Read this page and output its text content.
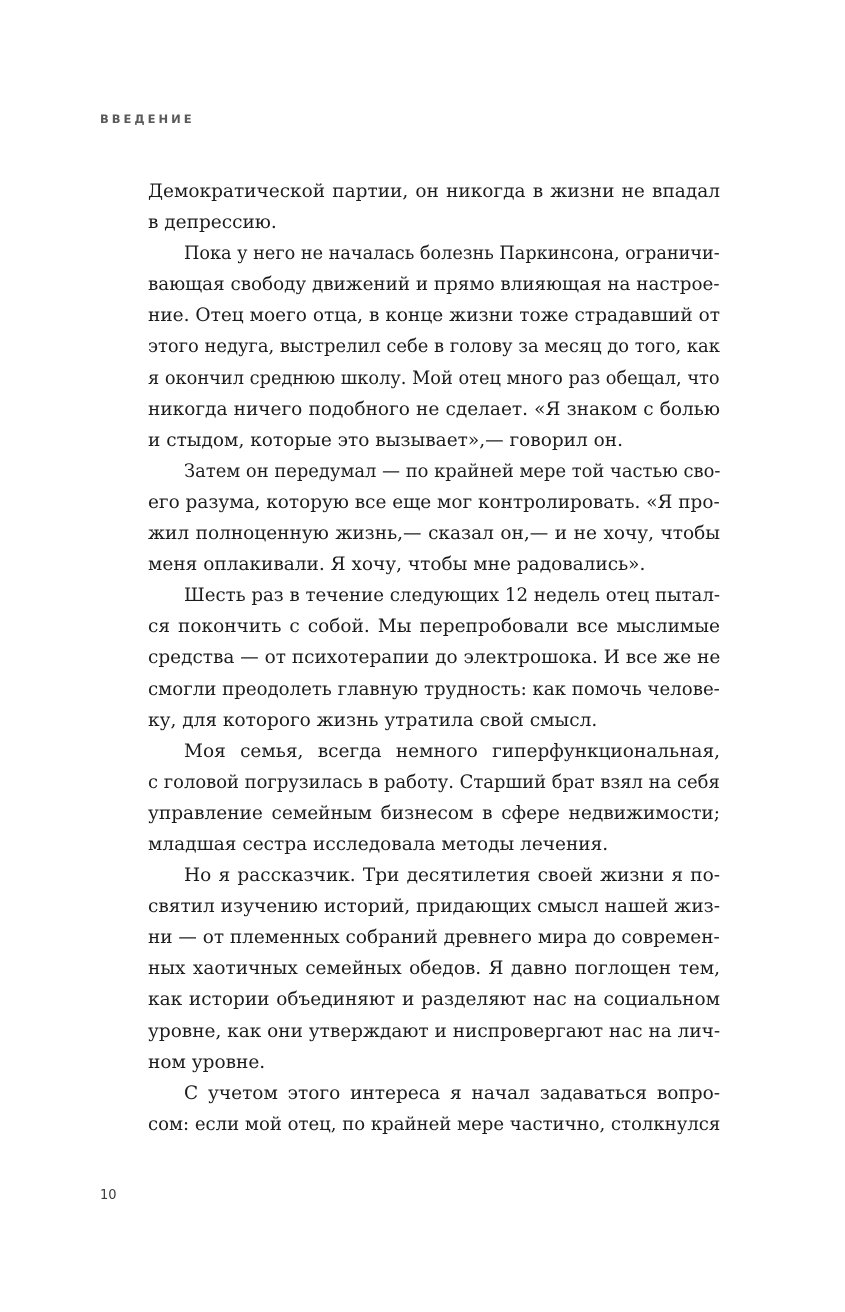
ВВЕДЕНИЕ

Демократической партии, он никогда в жизни не впадал
в депрессию.
Пока у него не началась болезнь Паркинсона, ограничи-
вающая свободу движений и прямо влияющая на настрое-
ние. Отец моего отца, в конце жизни тоже страдавший от
этого недуга, выстрелил себе в голову за месяц до того, как
я окончил среднюю школу. Мой отец много раз обещал, что
никогда ничего подобного не сделает. «Я знаком с болью
и стыдом, которые это вызывает»,— говорил он.
Затем он передумал — по крайней мере той частью сво-
его разума, которую все еще мог контролировать. «Я про-
жил полноценную жизнь,— сказал он,— и не хочу, чтобы
меня оплакивали. Я хочу, чтобы мне радовались».
Шесть раз в течение следующих 12 недель отец пытал-
ся покончить с собой. Мы перепробовали все мыслимые
средства — от психотерапии до электрошока. И все же не
смогли преодолеть главную трудность: как помочь челове-
ку, для которого жизнь утратила свой смысл.
Моя семья, всегда немного гиперфункциональная,
с головой погрузилась в работу. Старший брат взял на себя
управление семейным бизнесом в сфере недвижимости;
младшая сестра исследовала методы лечения.
Но я рассказчик. Три десятилетия своей жизни я по-
святил изучению историй, придающих смысл нашей жиз-
ни — от племенных собраний древнего мира до современ-
ных хаотичных семейных обедов. Я давно поглощен тем,
как истории объединяют и разделяют нас на социальном
уровне, как они утверждают и ниспровергают нас на лич-
ном уровне.
С учетом этого интереса я начал задаваться вопро-
сом: если мой отец, по крайней мере частично, столкнулся

10
